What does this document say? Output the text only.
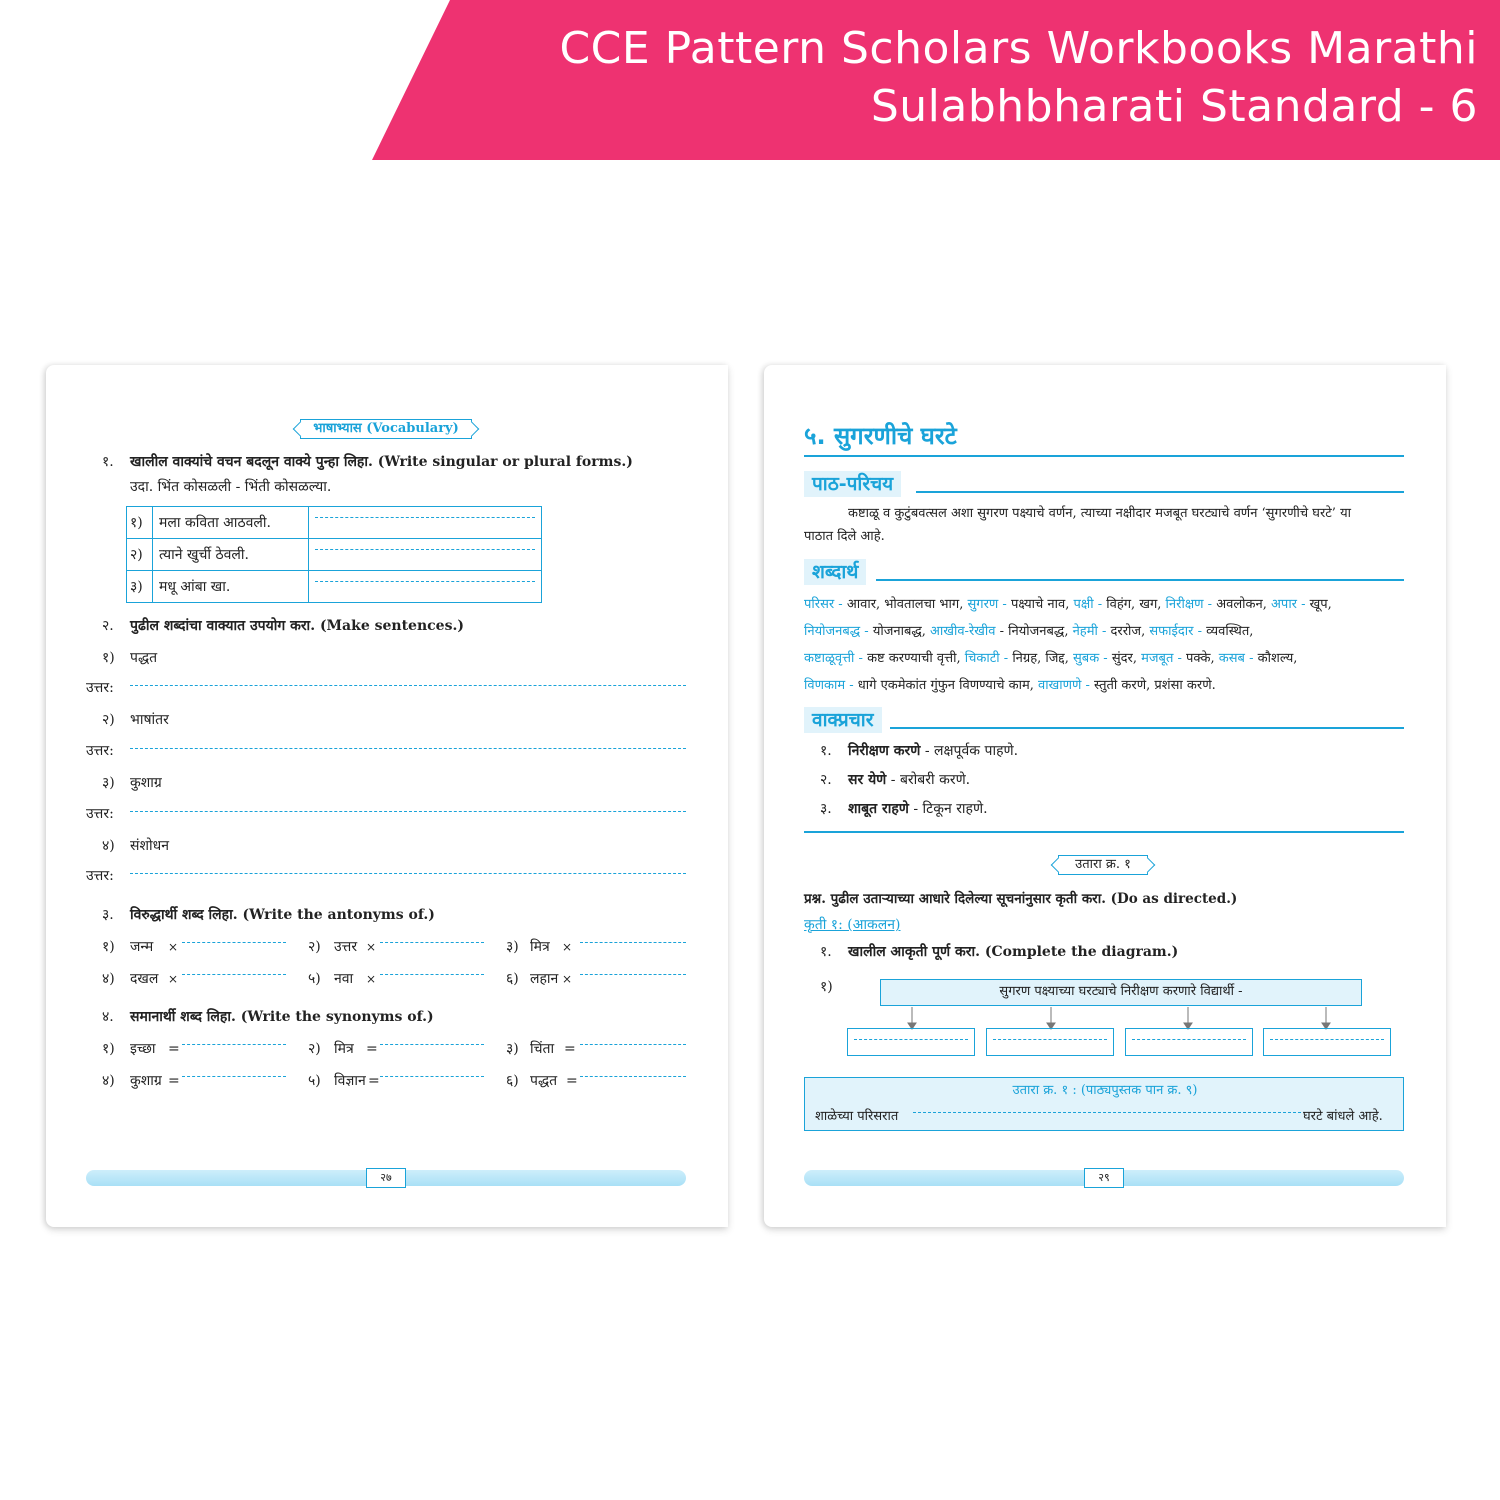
CCE Pattern Scholars Workbooks Marathi
Sulabhbharati Standard - 6
भाषाभ्यास (Vocabulary)
१. खालील वाक्यांचे वचन बदलून वाक्ये पुन्हा लिहा. (Write singular or plural forms.)
उदा. भिंत कोसळली - भिंती कोसळल्या.
१)	मला कविता आठवली.	

२)	त्याने खुर्ची ठेवली.	

३)	मधू आंबा खा.	
२. पुढील शब्दांचा वाक्यात उपयोग करा. (Make sentences.)
१) पद्धत
उत्तर:
२) भाषांतर
उत्तर:
३) कुशाग्र
उत्तर:
४) संशोधन
उत्तर:
३. विरुद्धार्थी शब्द लिहा. (Write the antonyms of.)
१) जन्म ×	२) उत्तर ×	३) मित्र ×
४) दखल ×	५) नवा ×	६) लहान ×
४. समानार्थी शब्द लिहा. (Write the synonyms of.)
१) इच्छा =	२) मित्र =	३) चिंता =
४) कुशाग्र =	५) विज्ञान =	६) पद्धत =
२७
५. सुगरणीचे घरटे
पाठ-परिचय
कष्टाळू व कुटुंबवत्सल अशा सुगरण पक्ष्याचे वर्णन, त्याच्या नक्षीदार मजबूत घरट्याचे वर्णन ‘सुगरणीचे घरटे’ या
पाठात दिले आहे.
शब्दार्थ
परिसर - आवार, भोवतालचा भाग, सुगरण - पक्ष्याचे नाव, पक्षी - विहंग, खग, निरीक्षण - अवलोकन, अपार - खूप,
नियोजनबद्ध - योजनाबद्ध, आखीव-रेखीव - नियोजनबद्ध, नेहमी - दररोज, सफाईदार - व्यवस्थित,
कष्टाळूवृत्ती - कष्ट करण्याची वृत्ती, चिकाटी - निग्रह, जिद्द, सुबक - सुंदर, मजबूत - पक्के, कसब - कौशल्य,
विणकाम - धागे एकमेकांत गुंफुन विणण्याचे काम, वाखाणणे - स्तुती करणे, प्रशंसा करणे.
वाक्प्रचार
१. निरीक्षण करणे - लक्षपूर्वक पाहणे.
२. सर येणे - बरोबरी करणे.
३. शाबूत राहणे - टिकून राहणे.
उतारा क्र. १
प्रश्न. पुढील उताऱ्याच्या आधारे दिलेल्या सूचनांनुसार कृती करा. (Do as directed.)
कृती १: (आकलन)
१. खालील आकृती पूर्ण करा. (Complete the diagram.)
१)	सुगरण पक्ष्याच्या घरट्याचे निरीक्षण करणारे विद्यार्थी -
उतारा क्र. १ : (पाठ्यपुस्तक पान क्र. ९)
शाळेच्या परिसरात	घरटे बांधले आहे.
२९
